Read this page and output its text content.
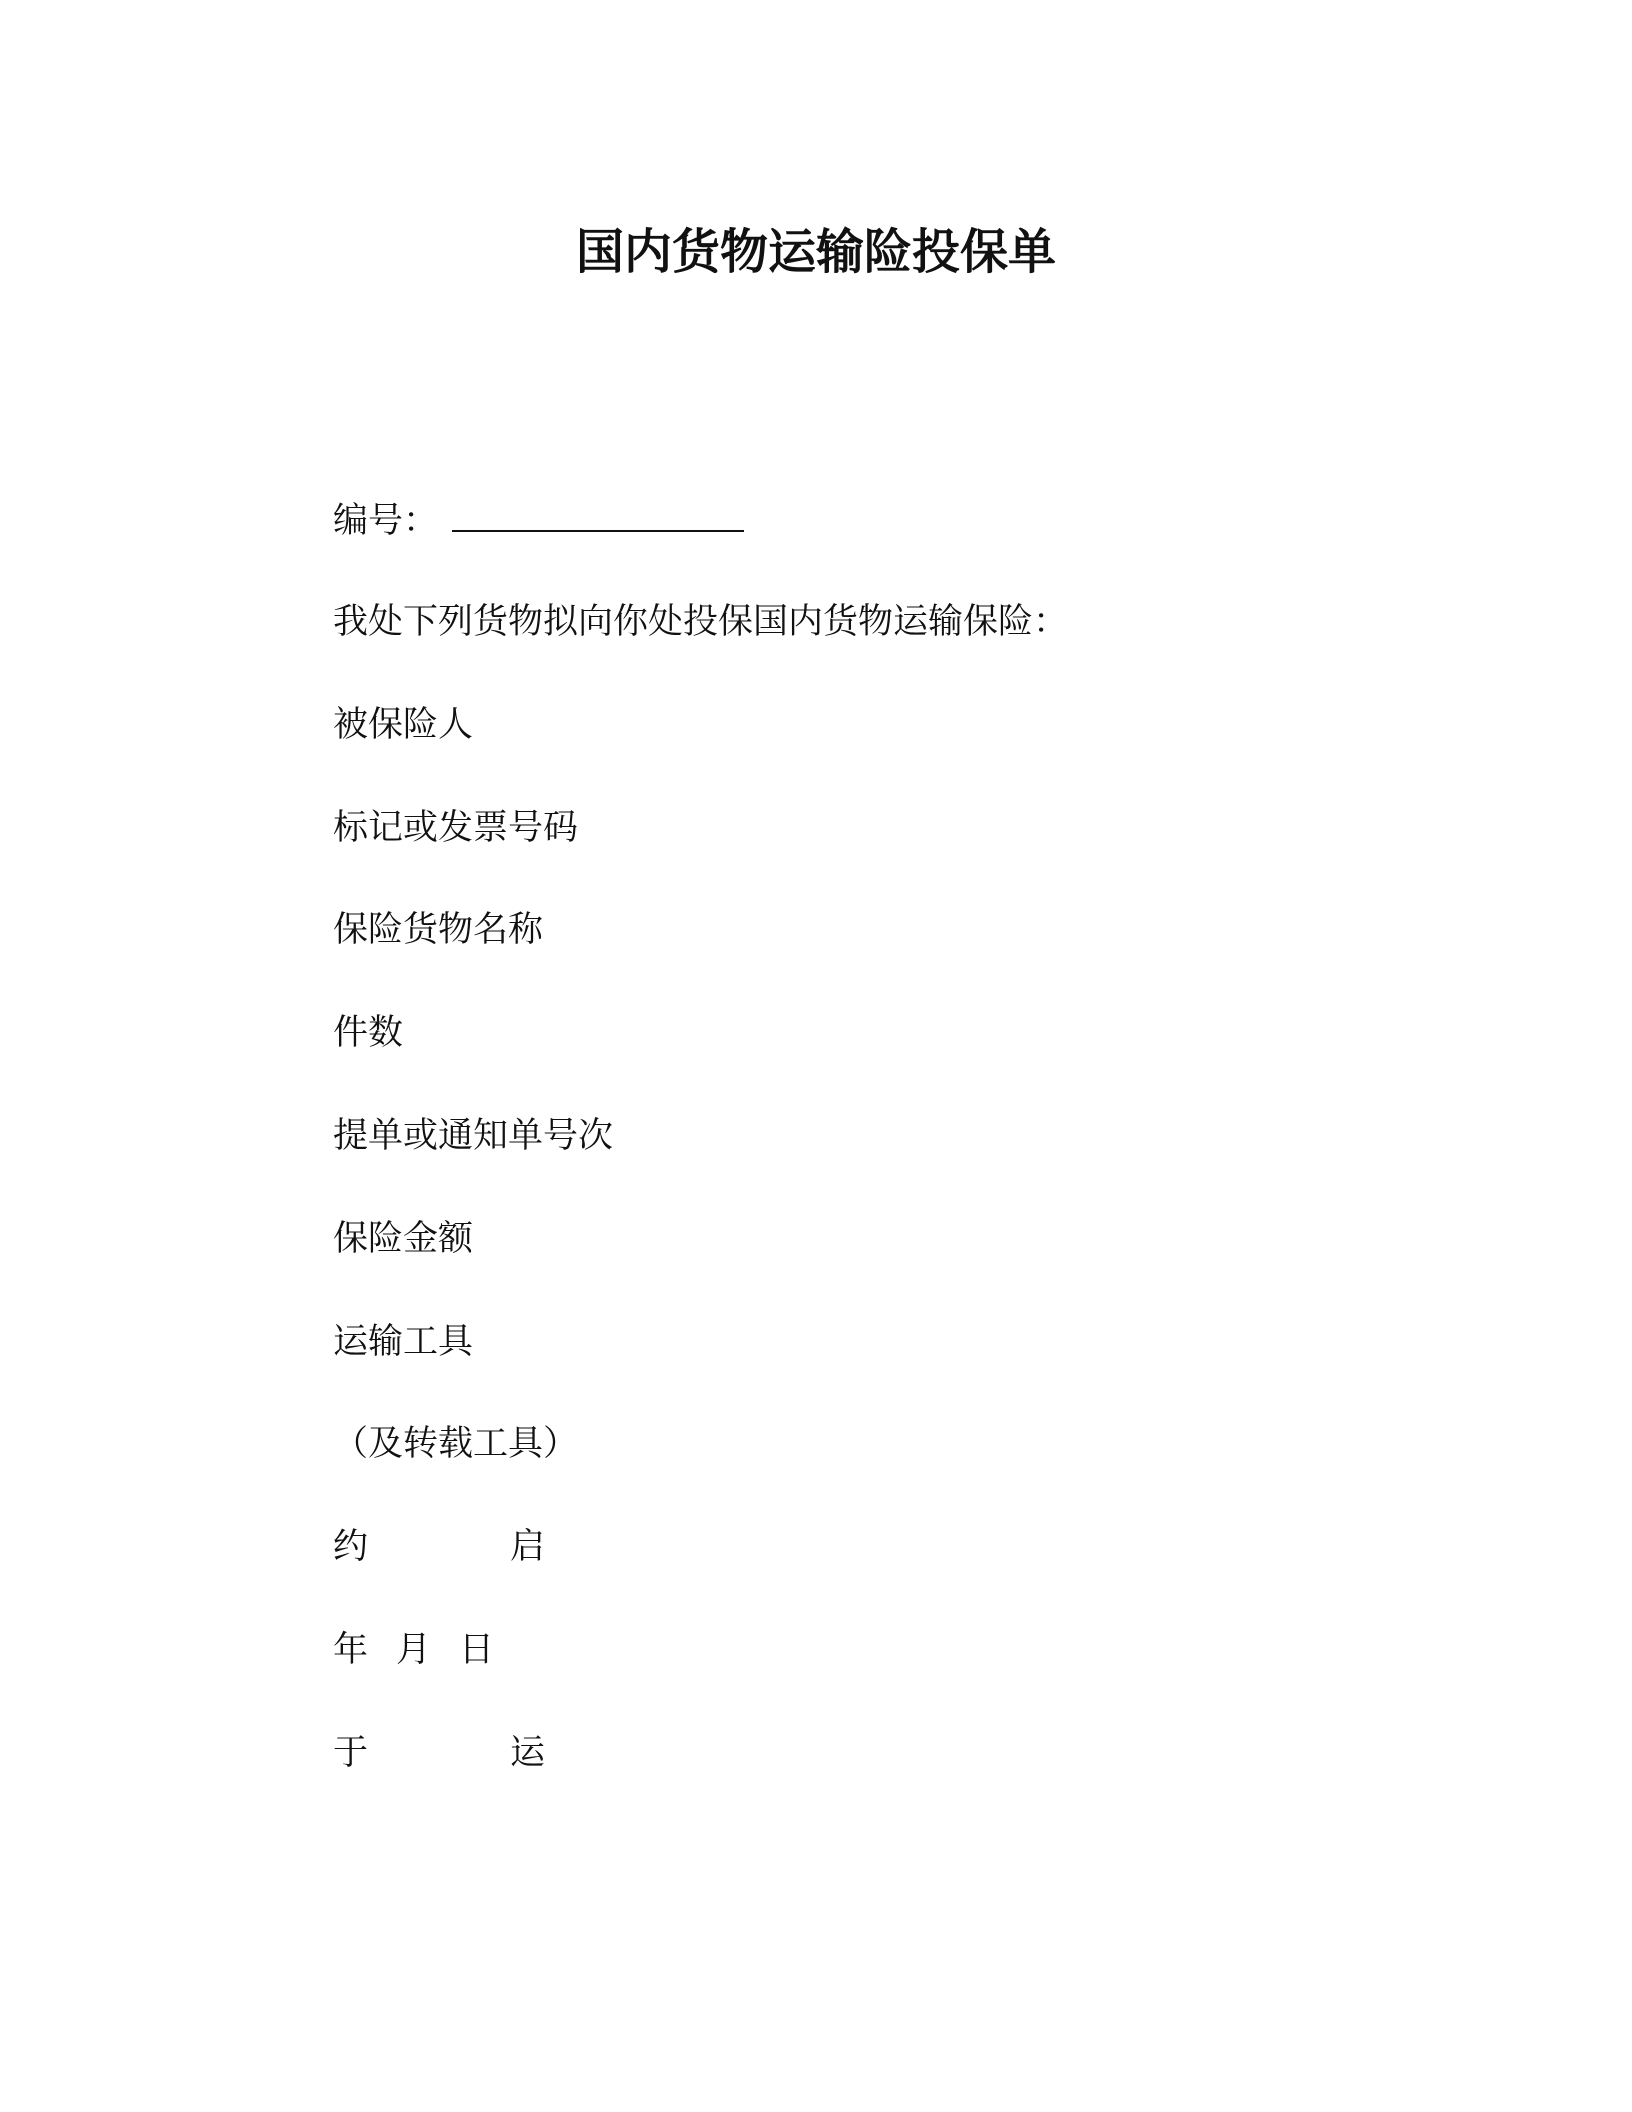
国内货物运输险投保单
编号：
我处下列货物拟向你处投保国内货物运输保险：
被保险人
标记或发票号码
保险货物名称
件数
提单或通知单号次
保险金额
运输工具
（及转载工具）
约	启
年 月 日
于	运
